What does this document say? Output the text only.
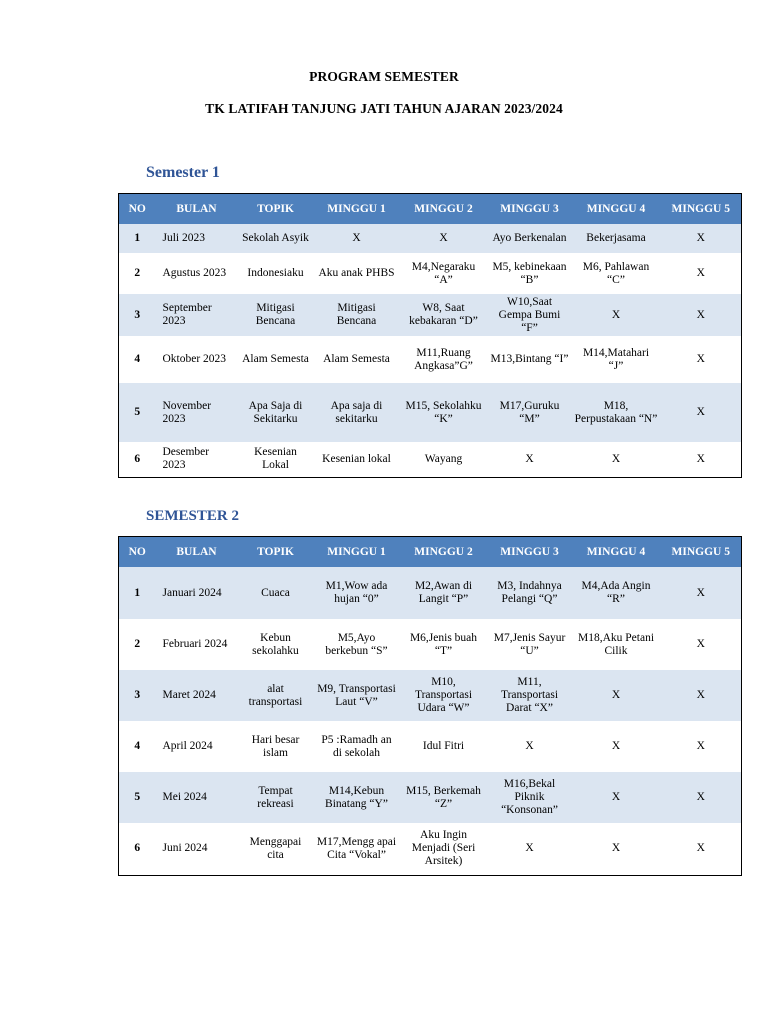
PROGRAM SEMESTER
TK LATIFAH TANJUNG JATI TAHUN AJARAN 2023/2024
Semester 1
NO	BULAN	TOPIK	MINGGU 1	MINGGU 2	MINGGU 3	MINGGU 4	MINGGU 5
1	Juli 2023	Sekolah Asyik	X	X	Ayo Berkenalan	Bekerjasama	X
2	Agustus 2023	Indonesiaku	Aku anak PHBS	M4,Negaraku “A”	M5, kebinekaan “B”	M6, Pahlawan “C”	X
3	September 2023	Mitigasi Bencana	Mitigasi Bencana	W8, Saat kebakaran “D”	W10,Saat Gempa Bumi “F”	X	X
4	Oktober 2023	Alam Semesta	Alam Semesta	M11,Ruang Angkasa”G”	M13,Bintang “I”	M14,Matahari “J”	X
5	November 2023	Apa Saja di Sekitarku	Apa saja di sekitarku	M15, Sekolahku “K”	M17,Guruku “M”	M18, Perpustakaan “N”	X
6	Desember 2023	Kesenian Lokal	Kesenian lokal	Wayang	X	X	X
SEMESTER 2
NO	BULAN	TOPIK	MINGGU 1	MINGGU 2	MINGGU 3	MINGGU 4	MINGGU 5
1	Januari 2024	Cuaca	M1,Wow ada hujan “0”	M2,Awan di Langit “P”	M3, Indahnya Pelangi “Q”	M4,Ada Angin “R”	X
2	Februari 2024	Kebun sekolahku	M5,Ayo berkebun “S”	M6,Jenis buah “T”	M7,Jenis Sayur “U”	M18,Aku Petani Cilik	X
3	Maret 2024	alat transportasi	M9, Transportasi Laut “V”	M10, Transportasi Udara “W”	M11, Transportasi Darat “X”	X	X
4	April 2024	Hari besar islam	P5 :Ramadh an di sekolah	Idul Fitri	X	X	X
5	Mei 2024	Tempat rekreasi	M14,Kebun Binatang “Y”	M15, Berkemah “Z”	M16,Bekal Piknik “Konsonan”	X	X
6	Juni 2024	Menggapai cita	M17,Mengg apai Cita “Vokal”	Aku Ingin Menjadi (Seri Arsitek)	X	X	X
